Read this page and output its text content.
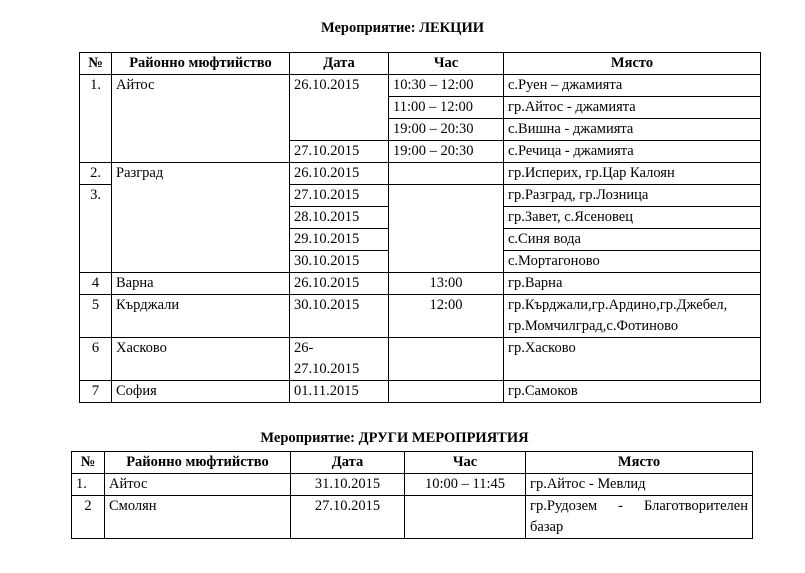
Мероприятие: ЛЕКЦИИ
№	Районно мюфтийство	Дата	Час	Място
1.	Айтос	26.10.2015	10:30 – 12:00	с.Руен – джамията
			11:00 – 12:00	гр.Айтос - джамията
			19:00 – 20:30	с.Вишна - джамията
		27.10.2015	19:00 – 20:30	с.Речица - джамията
2.	Разград	26.10.2015		гр.Исперих, гр.Цар Калоян
3.		27.10.2015		гр.Разград, гр.Лозница
		28.10.2015		гр.Завет, с.Ясеновец
		29.10.2015		с.Синя вода
		30.10.2015		с.Мортагоново
4	Варна	26.10.2015	13:00	гр.Варна
5	Кърджали	30.10.2015	12:00	гр.Кърджали,гр.Ардино,гр.Джебел,
гр.Момчилград,с.Фотиново

6	Хасково	26-
27.10.2015		гр.Хасково
7	София	01.11.2015		гр.Самоков
Мероприятие: ДРУГИ МЕРОПРИЯТИЯ
№	Районно мюфтийство	Дата	Час	Място
1.	Айтос	31.10.2015	10:00 – 11:45	гр.Айтос - Мевлид
2	Смолян	27.10.2015		гр.Рудозем - Благотворителен базар
